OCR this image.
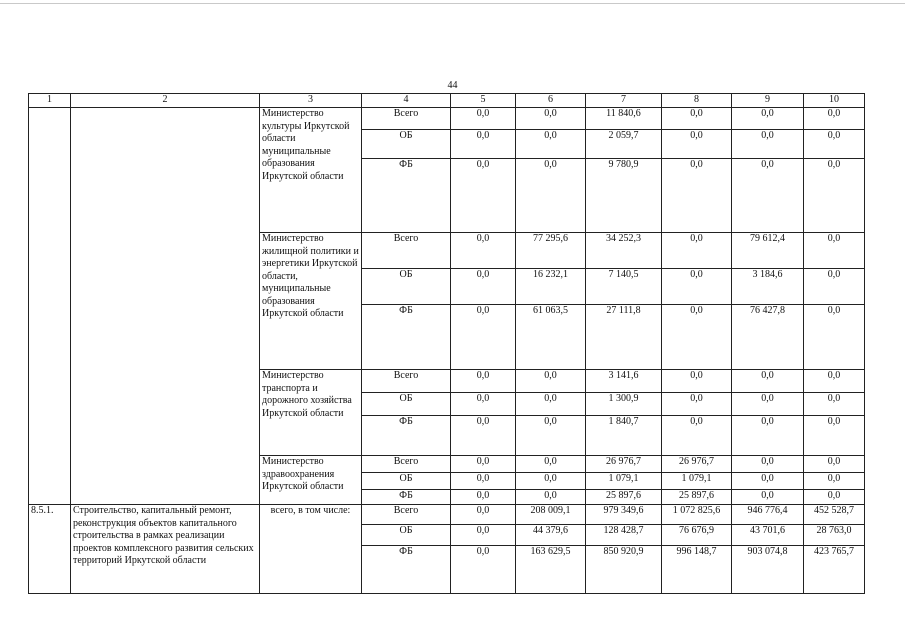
44
1	2	3	4	5	6	7	8	9	10
		Министерство культуры Иркутской области муниципальные образования Иркутской области	Всего	0,0	0,0	11 840,6	0,0	0,0	0,0
			ОБ	0,0	0,0	2 059,7	0,0	0,0	0,0
			ФБ	0,0	0,0	9 780,9	0,0	0,0	0,0
		Министерство жилищной политики и энергетики Иркутской области, муниципальные образования Иркутской области	Всего	0,0	77 295,6	34 252,3	0,0	79 612,4	0,0
			ОБ	0,0	16 232,1	7 140,5	0,0	3 184,6	0,0
			ФБ	0,0	61 063,5	27 111,8	0,0	76 427,8	0,0
		Министерство транспорта и дорожного хозяйства Иркутской области	Всего	0,0	0,0	3 141,6	0,0	0,0	0,0
			ОБ	0,0	0,0	1 300,9	0,0	0,0	0,0
			ФБ	0,0	0,0	1 840,7	0,0	0,0	0,0
		Министерство здравоохранения Иркутской области	Всего	0,0	0,0	26 976,7	26 976,7	0,0	0,0
			ОБ	0,0	0,0	1 079,1	1 079,1	0,0	0,0
			ФБ	0,0	0,0	25 897,6	25 897,6	0,0	0,0
8.5.1.	Строительство, капитальный ремонт, реконструкция объектов капитального строительства в рамках реализации проектов комплексного развития сельских территорий Иркутской области	всего, в том числе:	Всего	0,0	208 009,1	979 349,6	1 072 825,6	946 776,4	452 528,7
			ОБ	0,0	44 379,6	128 428,7	76 676,9	43 701,6	28 763,0
			ФБ	0,0	163 629,5	850 920,9	996 148,7	903 074,8	423 765,7
